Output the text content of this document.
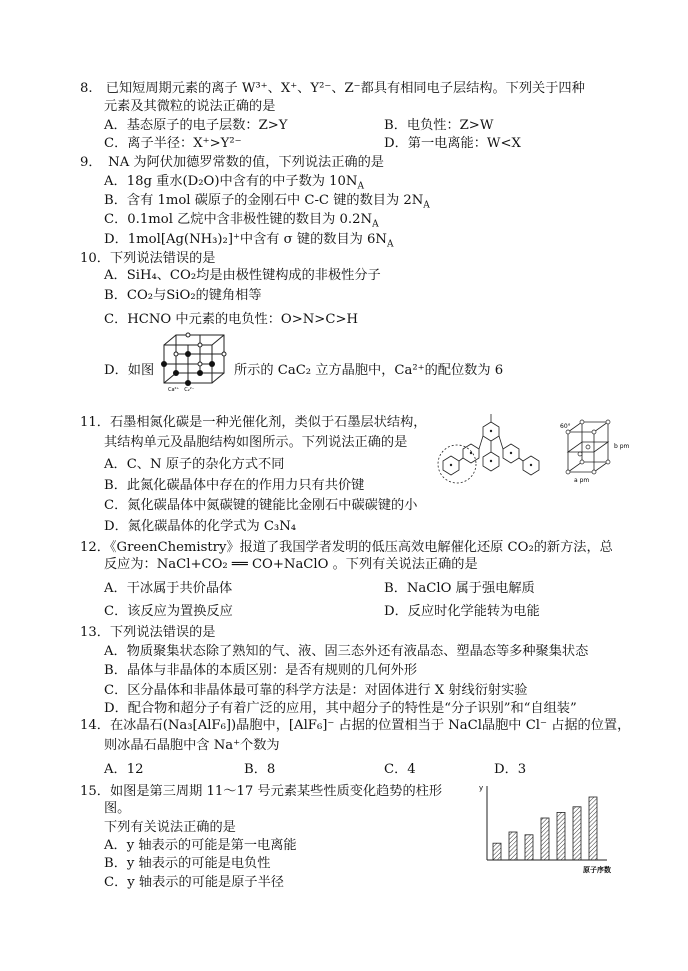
8.　已知短周期元素的离子 W³⁺、X⁺、Y²⁻、Z⁻都具有相同电子层结构。下列关于四种
元素及其微粒的说法正确的是
A．基态原子的电子层数：Z>Y	B．电负性：Z>W
C．离子半径：X⁺>Y²⁻	D．第一电离能：W<X
9．　NA 为阿伏加德罗常数的值，下列说法正确的是
A．18g 重水(D₂O)中含有的中子数为 $10N_A$
B．含有 1mol 碳原子的金刚石中 C-C 键的数目为 $2N_A$
C．0.1mol 乙烷中含非极性键的数目为 $0.2N_A$
D．1mol[Ag(NH₃)₂]⁺中含有 σ 键的数目为 $6N_A$
10．下列说法错误的是
A．SiH₄、CO₂均是由极性键构成的非极性分子
B．CO₂与SiO₂的键角相等
C．HCNO 中元素的电负性：O>N>C>H
D．如图	所示的 CaC₂ 立方晶胞中，Ca²⁺的配位数为 6
Ca²⁺　C₂²⁻
11．石墨相氮化碳是一种光催化剂，类似于石墨层状结构，
其结构单元及晶胞结构如图所示。下列说法正确的是
A．C、N 原子的杂化方式不同
B．此氮化碳晶体中存在的作用力只有共价键
C．氮化碳晶体中氮碳键的键能比金刚石中碳碳键的小
D．氮化碳晶体的化学式为 C₃N₄
60°
b pm
a pm
12．《GreenChemistry》报道了我国学者发明的低压高效电解催化还原 CO₂的新方法，总
反应为：NaCl+CO₂ ══ CO+NaClO 。下列有关说法正确的是
A．干冰属于共价晶体	B．NaClO 属于强电解质
C．该反应为置换反应	D．反应时化学能转为电能
13．下列说法错误的是
A．物质聚集状态除了熟知的气、液、固三态外还有液晶态、塑晶态等多种聚集状态
B．晶体与非晶体的本质区别：是否有规则的几何外形
C．区分晶体和非晶体最可靠的科学方法是：对固体进行 X 射线衍射实验
D．配合物和超分子有着广泛的应用，其中超分子的特性是“分子识别”和“自组装”
14．在冰晶石(Na₃[AlF₆])晶胞中，[AlF₆]⁻ 占据的位置相当于 NaCl晶胞中 Cl⁻ 占据的位置，
则冰晶石晶胞中含 Na⁺个数为
A．12	B．8	C．4	D．3
15．如图是第三周期 11～17 号元素某些性质变化趋势的柱形
图。
下列有关说法正确的是
A．y 轴表示的可能是第一电离能
B．y 轴表示的可能是电负性
C．y 轴表示的可能是原子半径
y
原子序数
